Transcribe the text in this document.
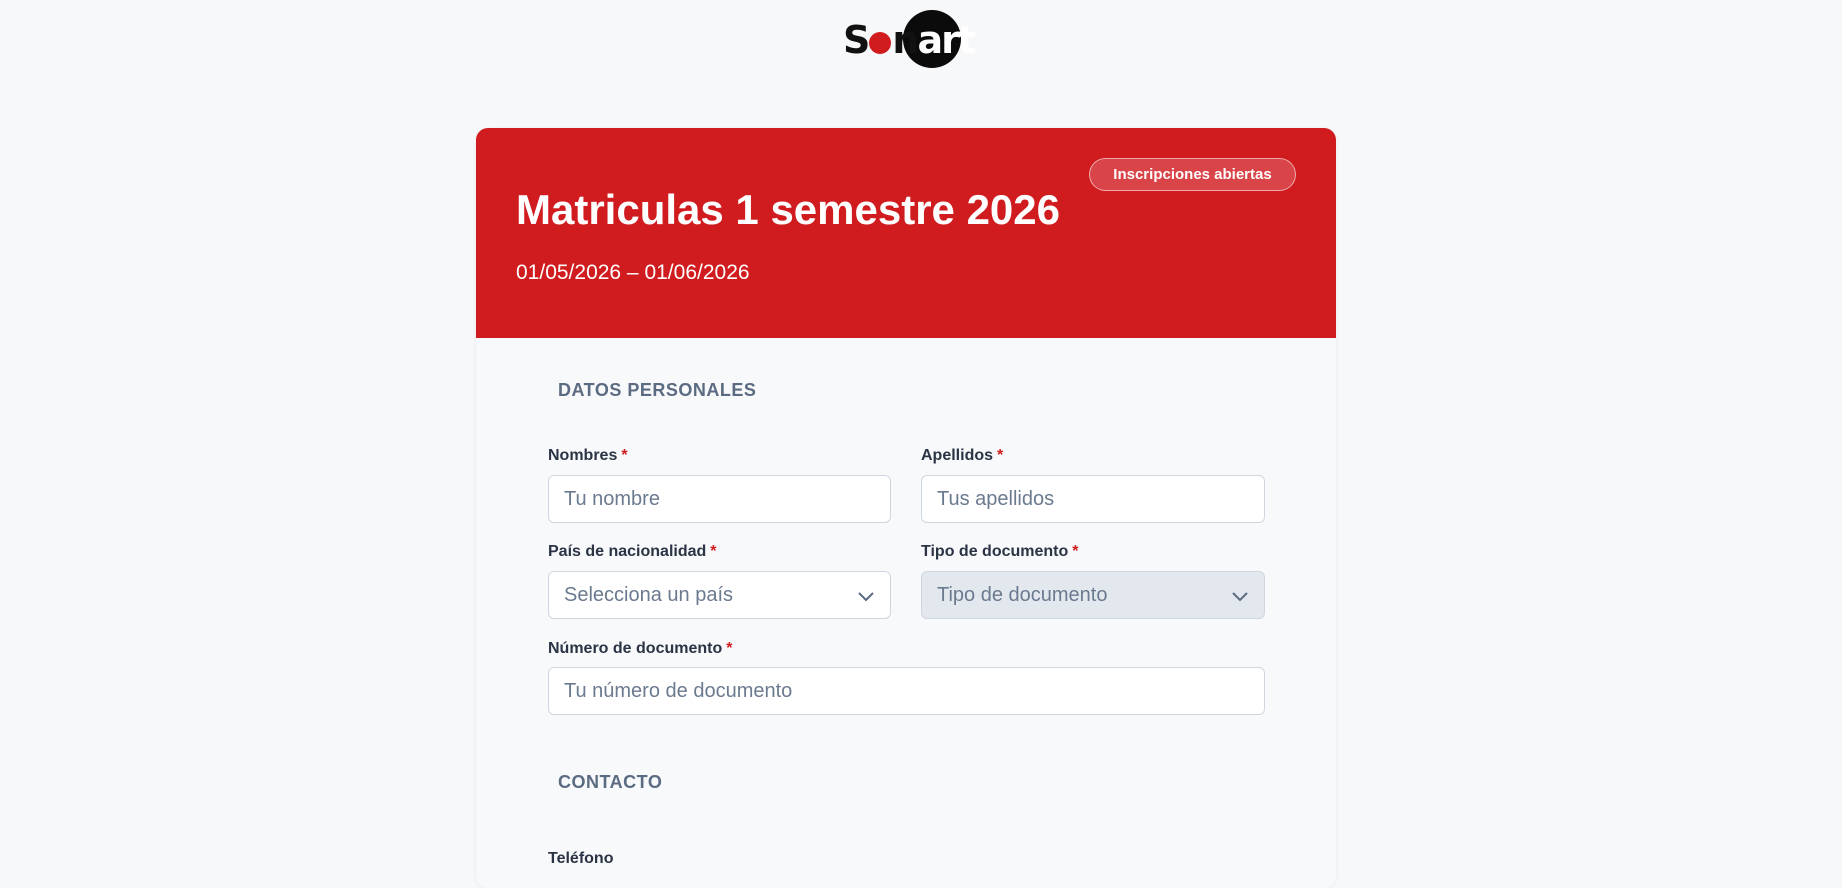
S n art
Inscripciones abiertas
Matriculas 1 semestre 2026
01/05/2026 – 01/06/2026
DATOS PERSONALES
Nombres *
Tu nombre
Apellidos *
Tus apellidos
País de nacionalidad *
Selecciona un país
Tipo de documento *
Tipo de documento
Número de documento *
Tu número de documento
CONTACTO
Teléfono
